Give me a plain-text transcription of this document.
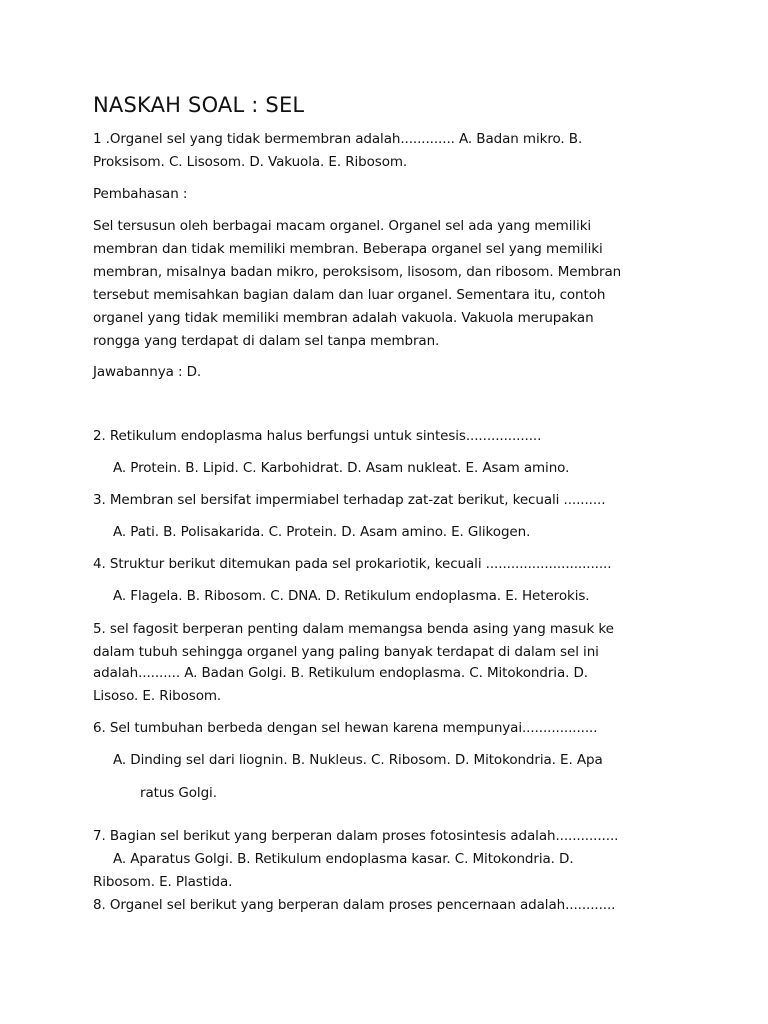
NASKAH SOAL : SEL

1 .Organel sel yang tidak bermembran adalah............. A. Badan mikro. B.

Proksisom. C. Lisosom. D. Vakuola. E. Ribosom.

Pembahasan :

Sel tersusun oleh berbagai macam organel. Organel sel ada yang memiliki

membran dan tidak memiliki membran. Beberapa organel sel yang memiliki

membran, misalnya badan mikro, peroksisom, lisosom, dan ribosom. Membran

tersebut memisahkan bagian dalam dan luar organel. Sementara itu, contoh

organel yang tidak memiliki membran adalah vakuola. Vakuola merupakan

rongga yang terdapat di dalam sel tanpa membran.

Jawabannya : D.

2. Retikulum endoplasma halus berfungsi untuk sintesis..................

A. Protein. B. Lipid. C. Karbohidrat. D. Asam nukleat. E. Asam amino.

3. Membran sel bersifat impermiabel terhadap zat-zat berikut, kecuali ..........

A. Pati. B. Polisakarida. C. Protein. D. Asam amino. E. Glikogen.

4. Struktur berikut ditemukan pada sel prokariotik, kecuali ..............................

A. Flagela. B. Ribosom. C. DNA. D. Retikulum endoplasma. E. Heterokis.

5. sel fagosit berperan penting dalam memangsa benda asing yang masuk ke

dalam tubuh sehingga organel yang paling banyak terdapat di dalam sel ini

adalah.......... A. Badan Golgi. B. Retikulum endoplasma. C. Mitokondria. D.

Lisoso. E. Ribosom.

6. Sel tumbuhan berbeda dengan sel hewan karena mempunyai..................

A. Dinding sel dari liognin. B. Nukleus. C. Ribosom. D. Mitokondria. E. Apa

ratus Golgi.

7. Bagian sel berikut yang berperan dalam proses fotosintesis adalah...............

A. Aparatus Golgi. B. Retikulum endoplasma kasar. C. Mitokondria. D.

Ribosom. E. Plastida.

8. Organel sel berikut yang berperan dalam proses pencernaan adalah............
